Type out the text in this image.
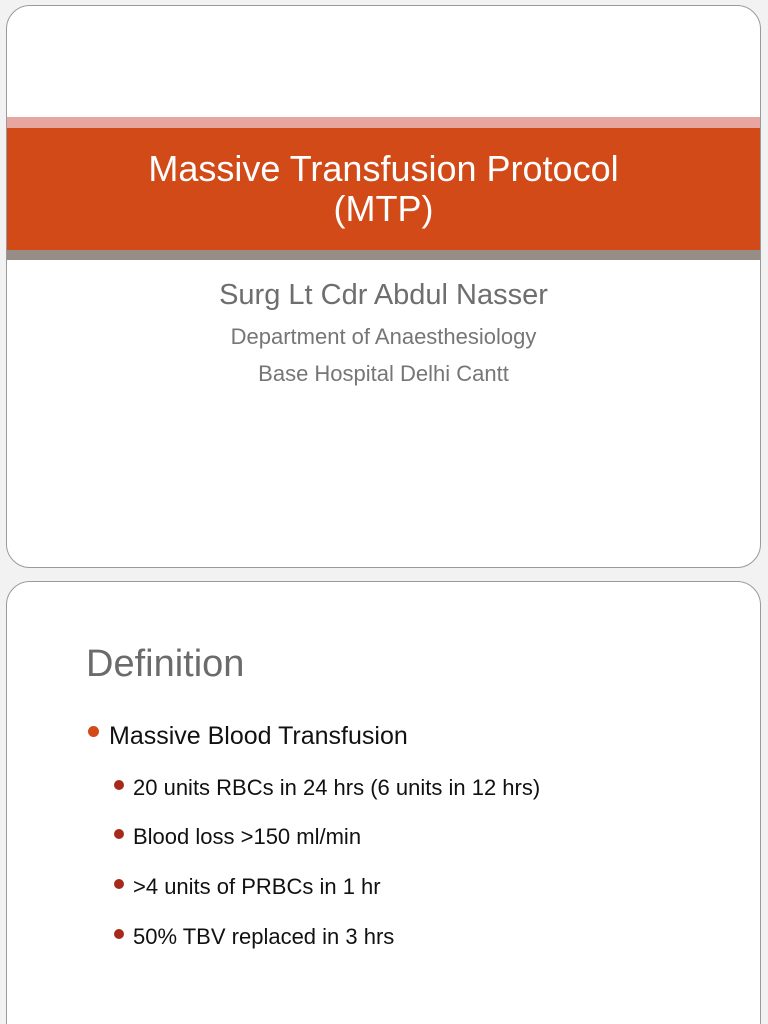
Massive Transfusion Protocol
(MTP)
Surg Lt Cdr Abdul Nasser
Department of Anaesthesiology
Base Hospital Delhi Cantt
Definition
Massive Blood Transfusion
20 units RBCs in 24 hrs (6 units in 12 hrs)
Blood loss >150 ml/min
>4 units of PRBCs in 1 hr
50% TBV replaced in 3 hrs
